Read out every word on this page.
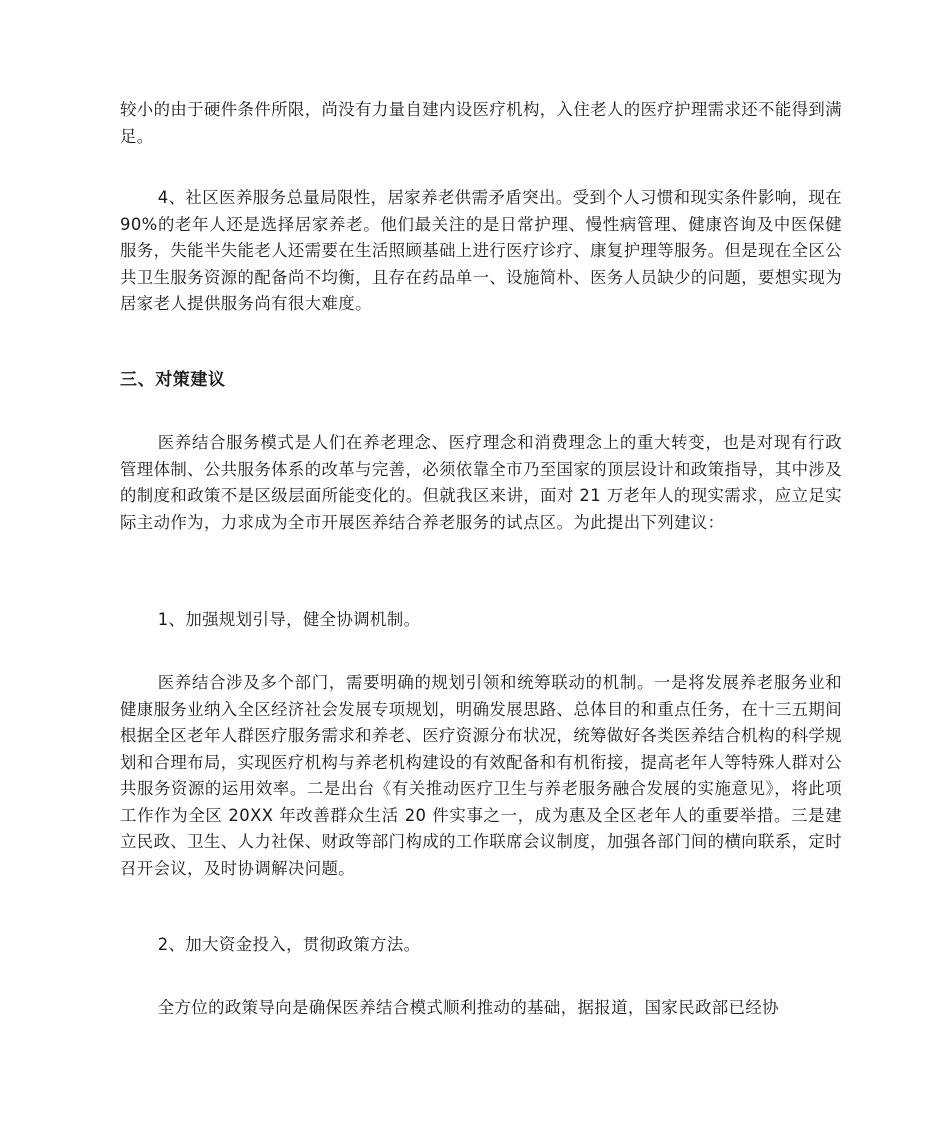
较小的由于硬件条件所限，尚没有力量自建内设医疗机构，入住老人的医疗护理需求还不能得到满足。

4、社区医养服务总量局限性，居家养老供需矛盾突出。受到个人习惯和现实条件影响，现在 90%的老年人还是选择居家养老。他们最关注的是日常护理、慢性病管理、健康咨询及中医保健服务，失能半失能老人还需要在生活照顾基础上进行医疗诊疗、康复护理等服务。但是现在全区公共卫生服务资源的配备尚不均衡，且存在药品单一、设施简朴、医务人员缺少的问题，要想实现为居家老人提供服务尚有很大难度。

三、对策建议

医养结合服务模式是人们在养老理念、医疗理念和消费理念上的重大转变，也是对现有行政管理体制、公共服务体系的改革与完善，必须依靠全市乃至国家的顶层设计和政策指导，其中涉及的制度和政策不是区级层面所能变化的。但就我区来讲，面对 21 万老年人的现实需求，应立足实际主动作为，力求成为全市开展医养结合养老服务的试点区。为此提出下列建议：

1、加强规划引导，健全协调机制。

医养结合涉及多个部门，需要明确的规划引领和统筹联动的机制。一是将发展养老服务业和健康服务业纳入全区经济社会发展专项规划，明确发展思路、总体目的和重点任务，在十三五期间根据全区老年人群医疗服务需求和养老、医疗资源分布状况，统筹做好各类医养结合机构的科学规划和合理布局，实现医疗机构与养老机构建设的有效配备和有机衔接，提高老年人等特殊人群对公共服务资源的运用效率。二是出台《有关推动医疗卫生与养老服务融合发展的实施意见》，将此项工作作为全区 20XX 年改善群众生活 20 件实事之一，成为惠及全区老年人的重要举措。三是建立民政、卫生、人力社保、财政等部门构成的工作联席会议制度，加强各部门间的横向联系，定时召开会议，及时协调解决问题。

2、加大资金投入，贯彻政策方法。

全方位的政策导向是确保医养结合模式顺利推动的基础，据报道，国家民政部已经协
